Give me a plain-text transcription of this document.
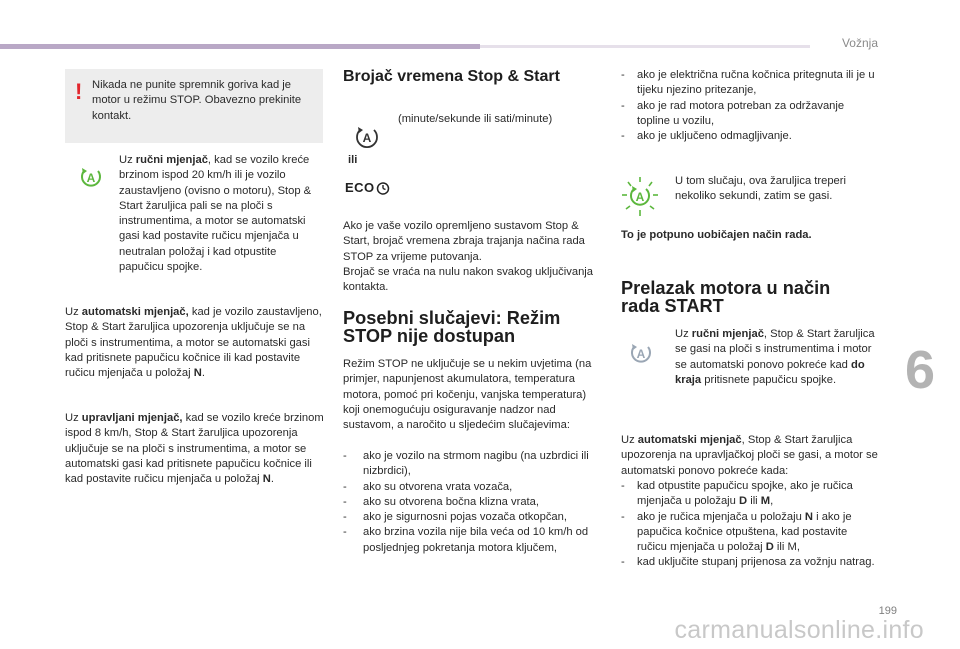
Vožnja
6
! Nikada ne punite spremnik goriva kad je motor u režimu STOP. Obavezno prekinite kontakt.
A
Uz ručni mjenjač, kad se vozilo kreće brzinom ispod 20 km/h ili je vozilo zaustavljeno (ovisno o motoru), Stop & Start žaruljica pali se na ploči s instrumentima, a motor se automatski gasi kad postavite ručicu mjenjača u neutralan položaj i kad otpustite papučicu spojke.
Uz automatski mjenjač, kad je vozilo zaustavljeno, Stop & Start žaruljica upozorenja uključuje se na ploči s instrumentima, a motor se automatski gasi kad pritisnete papučicu kočnice ili kad postavite ručicu mjenjača u položaj N.
Uz upravljani mjenjač, kad se vozilo kreće brzinom ispod 8 km/h, Stop & Start žaruljica upozorenja uključuje se na ploči s instrumentima, a motor se automatski gasi kad pritisnete papučicu kočnice ili kad postavite ručicu mjenjača u položaj N.
Brojač vremena Stop & Start
A
(minute/sekunde ili sati/minute)
ili
ECO
Ako je vaše vozilo opremljeno sustavom Stop & Start, brojač vremena zbraja trajanja načina rada STOP za vrijeme putovanja.
Brojač se vraća na nulu nakon svakog uključivanja kontakta.
Posebni slučajevi: Režim
STOP nije dostupan
Režim STOP ne uključuje se u nekim uvjetima (na primjer, napunjenost akumulatora, temperatura motora, pomoć pri kočenju, vanjska temperatura) koji onemogućuju osiguravanje nadzor nad sustavom, a naročito u sljedećim slučajevima:
-	ako je vozilo na strmom nagibu (na uzbrdici ili nizbrdici),
-	ako su otvorena vrata vozača,
-	ako su otvorena bočna klizna vrata,
-	ako je sigurnosni pojas vozača otkopčan,
-	ako brzina vozila nije bila veća od 10 km/h od posljednjeg pokretanja motora ključem,
-	ako je električna ručna kočnica pritegnuta ili je u tijeku njezino pritezanje,
-	ako je rad motora potreban za održavanje topline u vozilu,
-	ako je uključeno odmagljivanje.
A
U tom slučaju, ova žaruljica treperi nekoliko sekundi, zatim se gasi.
To je potpuno uobičajen način rada.
Prelazak motora u način
rada START
A
Uz ručni mjenjač, Stop & Start žaruljica se gasi na ploči s instrumentima i motor se automatski ponovo pokreće kad do kraja pritisnete papučicu spojke.
Uz automatski mjenjač, Stop & Start žaruljica upozorenja na upravljačkoj ploči se gasi, a motor se automatski ponovo pokreće kada:
-	kad otpustite papučicu spojke, ako je ručica mjenjača u položaju D ili M,
-	ako je ručica mjenjača u položaju N i ako je papučica kočnice otpuštena, kad postavite ručicu mjenjača u položaj D ili M,
-	kad uključite stupanj prijenosa za vožnju natrag.
199
carmanualsonline.info
